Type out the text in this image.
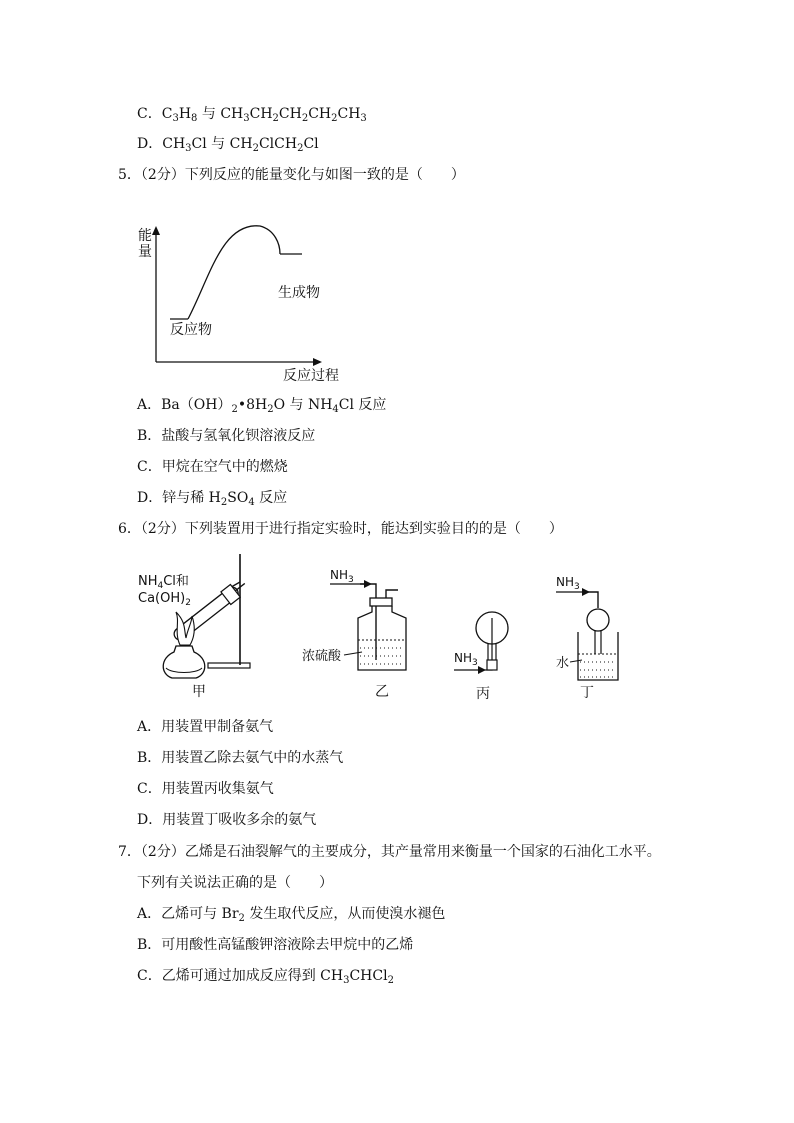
C．$C_3H_8$ 与 $CH_3CH_2CH_2CH_2CH_3$
D．$CH_3Cl$ 与 $CH_2ClCH_2Cl$
5．（2分）下列反应的能量变化与如图一致的是（　　）
能
量
生成物
反应物
反应过程
A．$Ba(OH)_2•8H_2O$ 与 $NH_4Cl$ 反应
B．盐酸与氢氧化钡溶液反应
C．甲烷在空气中的燃烧
D．锌与稀 $H_2SO_4$ 反应
6．（2分）下列装置用于进行指定实验时，能达到实验目的的是（　　）
$NH_4Cl$和
$Ca(OH)_2$
甲
$NH_3$
浓硫酸
乙
$NH_3$
丙
$NH_3$
水
丁
A．用装置甲制备氨气
B．用装置乙除去氨气中的水蒸气
C．用装置丙收集氨气
D．用装置丁吸收多余的氨气
7．（2分）乙烯是石油裂解气的主要成分，其产量常用来衡量一个国家的石油化工水平。
下列有关说法正确的是（　　）
A．乙烯可与 $Br_2$ 发生取代反应，从而使溴水褪色
B．可用酸性高锰酸钾溶液除去甲烷中的乙烯
C．乙烯可通过加成反应得到 $CH_3CHCl_2$
